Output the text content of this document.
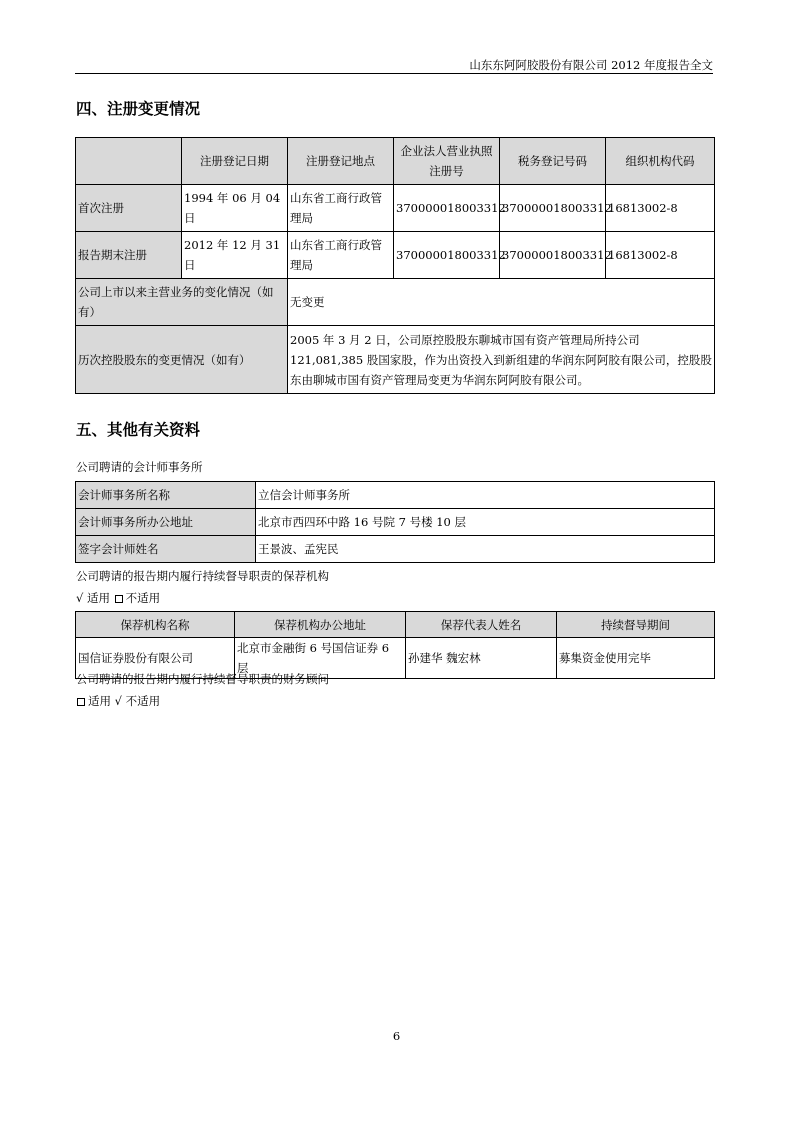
山东东阿阿胶股份有限公司 2012 年度报告全文
四、注册变更情况
	注册登记日期	注册登记地点	企业法人营业执照注册号	税务登记号码	组织机构代码
首次注册	1994 年 06 月 04 日	山东省工商行政管理局	370000018003312	370000018003312	16813002-8
报告期末注册	2012 年 12 月 31 日	山东省工商行政管理局	370000018003312	370000018003312	16813002-8
公司上市以来主营业务的变化情况（如有）		无变更			
历次控股股东的变更情况（如有）		2005 年 3 月 2 日，公司原控股股东聊城市国有资产管理局所持公司 121,081,385 股国家股，作为出资投入到新组建的华润东阿阿胶有限公司，控股股东由聊城市国有资产管理局变更为华润东阿阿胶有限公司。			
五、其他有关资料
公司聘请的会计师事务所
会计师事务所名称	立信会计师事务所
会计师事务所办公地址	北京市西四环中路 16 号院 7 号楼 10 层
签字会计师姓名	王景波、孟宪民
公司聘请的报告期内履行持续督导职责的保荐机构
√ 适用 不适用
保荐机构名称	保荐机构办公地址	保荐代表人姓名	持续督导期间
国信证券股份有限公司	北京市金融街 6 号国信证券 6 层	孙建华 魏宏林	募集资金使用完毕
公司聘请的报告期内履行持续督导职责的财务顾问
适用 √ 不适用
6
